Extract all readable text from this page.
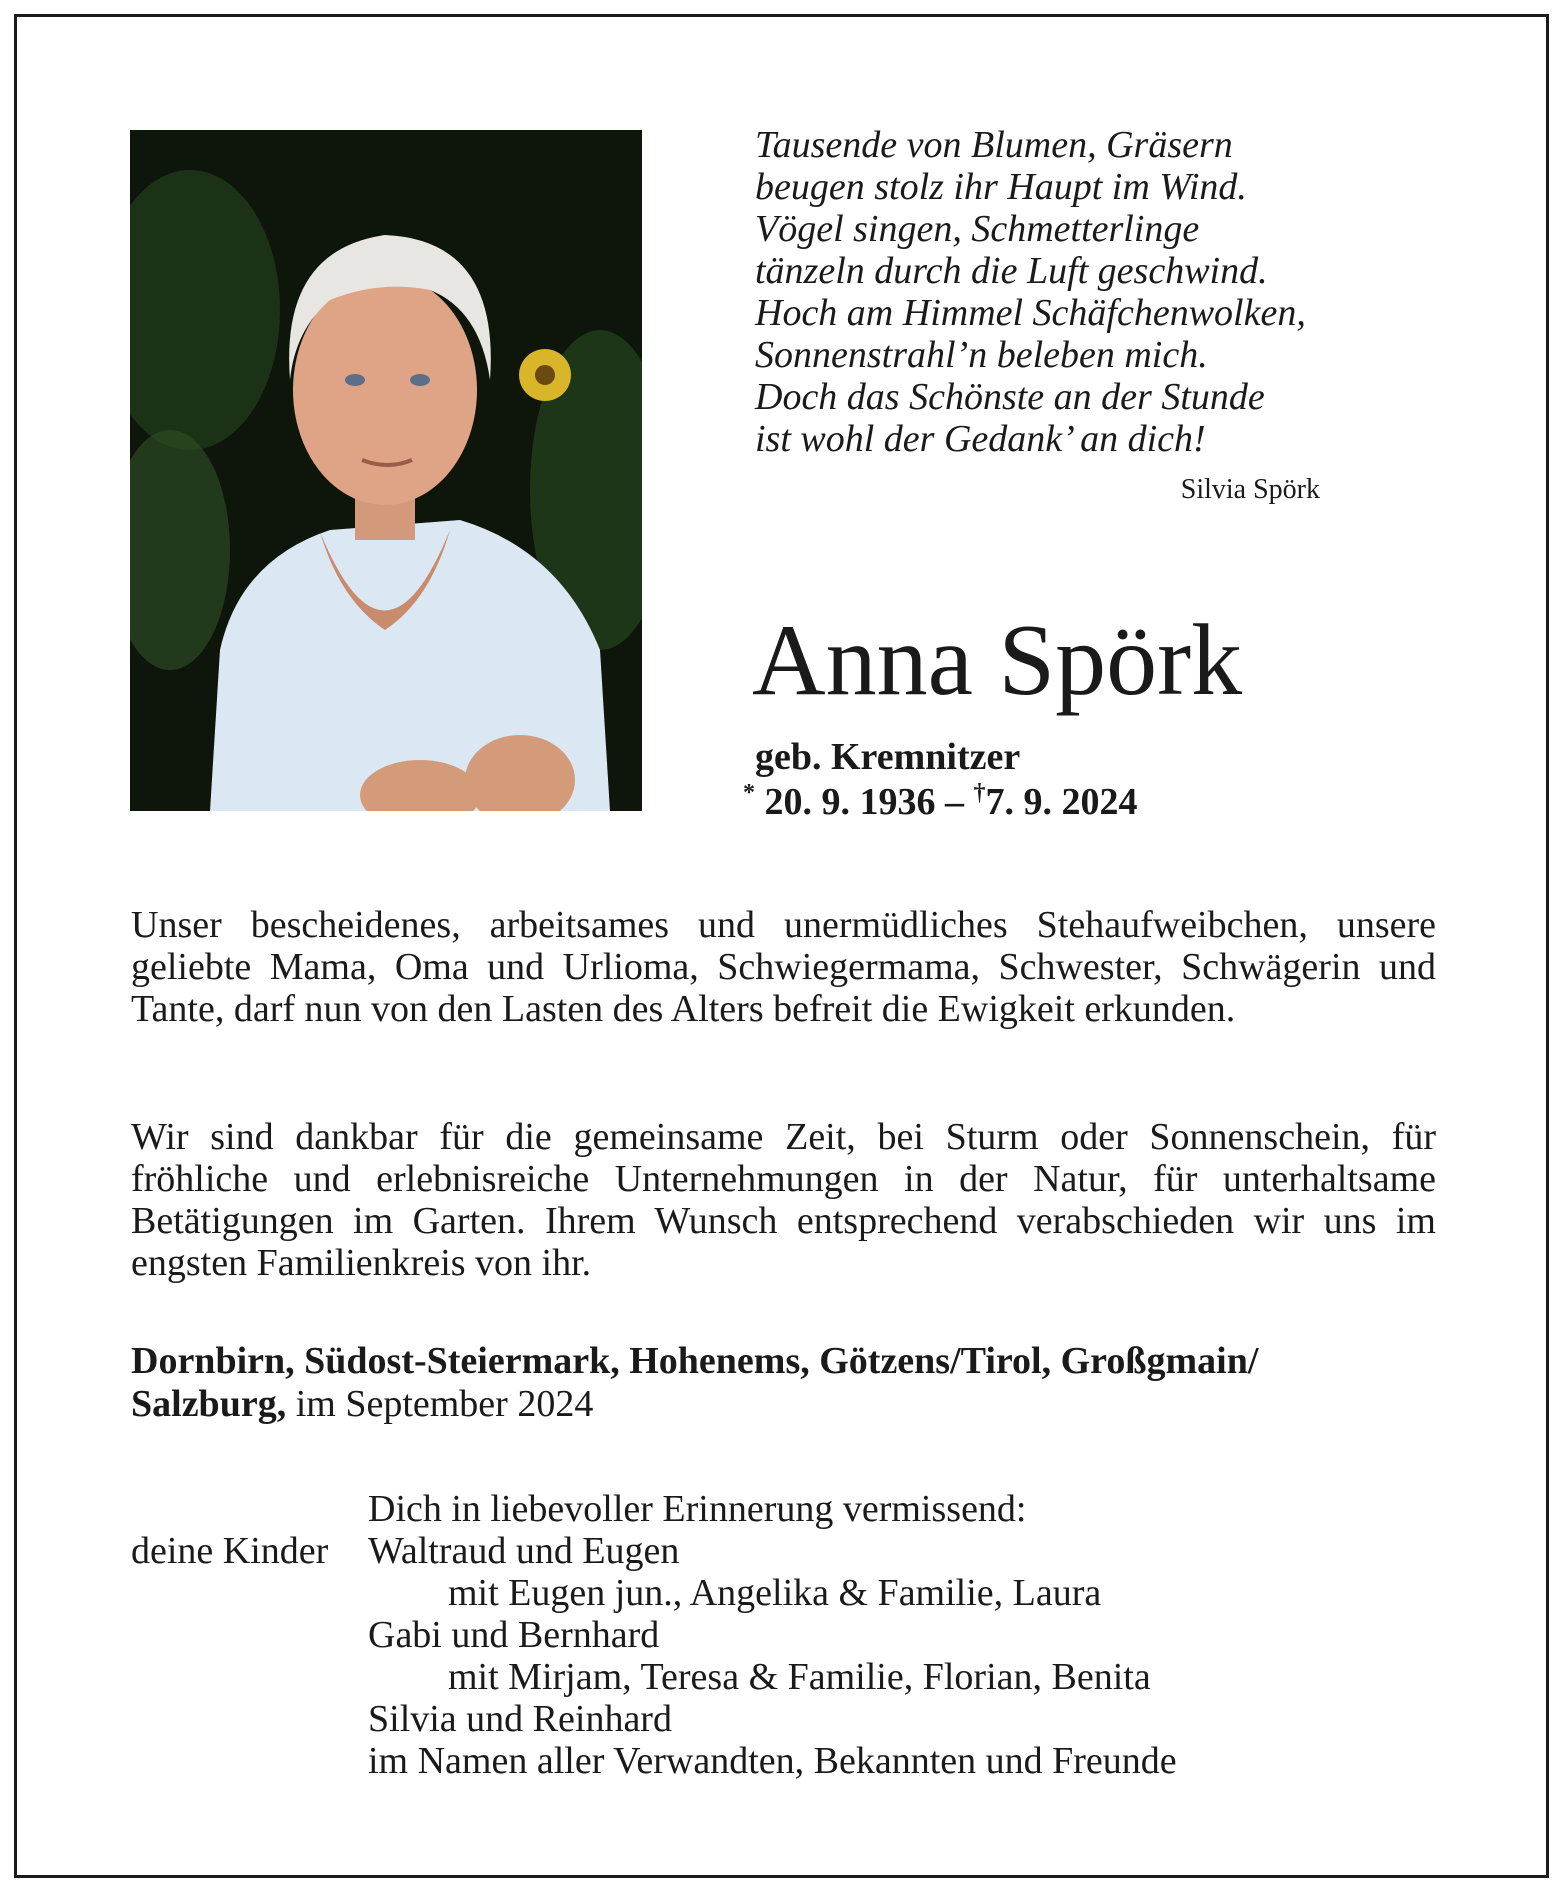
Tausende von Blumen, Gräsern
beugen stolz ihr Haupt im Wind.
Vögel singen, Schmetterlinge
tänzeln durch die Luft geschwind.
Hoch am Himmel Schäfchenwolken,
Sonnenstrahl’n beleben mich.
Doch das Schönste an der Stunde
ist wohl der Gedank’ an dich!
Silvia Spörk
Anna Spörk
geb. Kremnitzer
* 20. 9. 1936 – †7. 9. 2024
Unser bescheidenes, arbeitsames und unermüdliches Stehaufweibchen, unsere geliebte Mama, Oma und Urlioma, Schwiegermama, Schwester, Schwägerin und Tante, darf nun von den Lasten des Alters befreit die Ewigkeit erkunden.
Wir sind dankbar für die gemeinsame Zeit, bei Sturm oder Sonnenschein, für fröhliche und erlebnisreiche Unternehmungen in der Natur, für unterhaltsame Betätigungen im Garten. Ihrem Wunsch entsprechend verabschieden wir uns im engsten Familienkreis von ihr.
Dornbirn, Südost-Steiermark, Hohenems, Götzens/Tirol, Großgmain/
Salzburg, im September 2024
Dich in liebevoller Erinnerung vermissend:
deine Kinder Waltraud und Eugen
mit Eugen jun., Angelika & Familie, Laura
Gabi und Bernhard
mit Mirjam, Teresa & Familie, Florian, Benita
Silvia und Reinhard
im Namen aller Verwandten, Bekannten und Freunde
